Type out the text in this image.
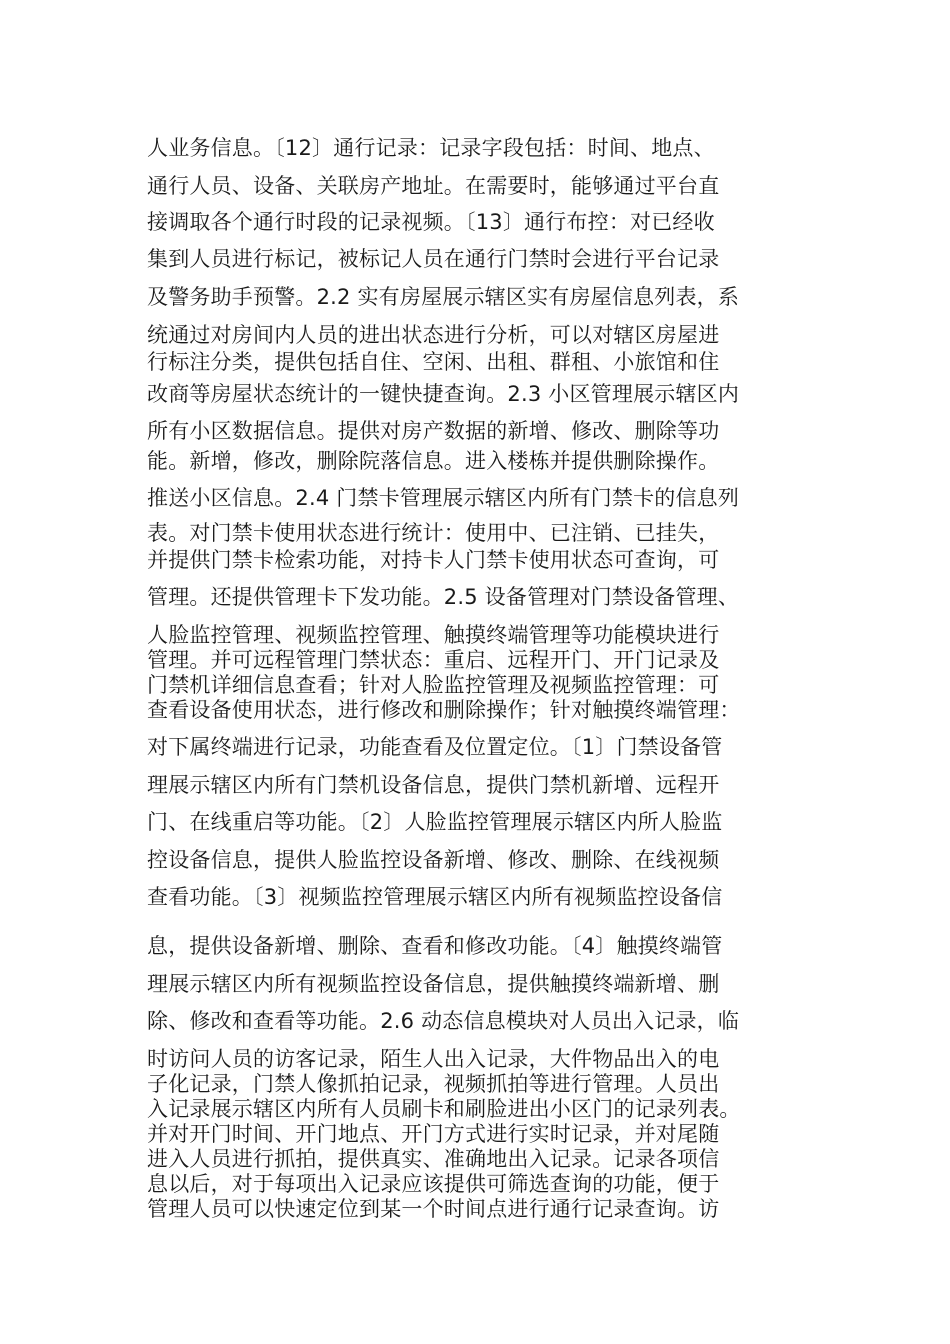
人业务信息。〔12〕通行记录：记录字段包括：时间、地点、
通行人员、设备、关联房产地址。在需要时，能够通过平台直
接调取各个通行时段的记录视频。〔13〕通行布控：对已经收
集到人员进行标记，被标记人员在通行门禁时会进行平台记录
及警务助手预警。2.2 实有房屋展示辖区实有房屋信息列表，系
统通过对房间内人员的进出状态进行分析，可以对辖区房屋进
行标注分类，提供包括自住、空闲、出租、群租、小旅馆和住
改商等房屋状态统计的一键快捷查询。2.3 小区管理展示辖区内
所有小区数据信息。提供对房产数据的新增、修改、删除等功
能。新增，修改，删除院落信息。进入楼栋并提供删除操作。
推送小区信息。2.4 门禁卡管理展示辖区内所有门禁卡的信息列
表。对门禁卡使用状态进行统计：使用中、已注销、已挂失，
并提供门禁卡检索功能，对持卡人门禁卡使用状态可查询，可
管理。还提供管理卡下发功能。2.5 设备管理对门禁设备管理、
人脸监控管理、视频监控管理、触摸终端管理等功能模块进行
管理。并可远程管理门禁状态：重启、远程开门、开门记录及
门禁机详细信息查看；针对人脸监控管理及视频监控管理：可
查看设备使用状态，进行修改和删除操作；针对触摸终端管理：
对下属终端进行记录，功能查看及位置定位。〔1〕门禁设备管
理展示辖区内所有门禁机设备信息，提供门禁机新增、远程开
门、在线重启等功能。〔2〕人脸监控管理展示辖区内所人脸监
控设备信息，提供人脸监控设备新增、修改、删除、在线视频
查看功能。〔3〕视频监控管理展示辖区内所有视频监控设备信
息，提供设备新增、删除、查看和修改功能。〔4〕触摸终端管
理展示辖区内所有视频监控设备信息，提供触摸终端新增、删
除、修改和查看等功能。2.6 动态信息模块对人员出入记录，临
时访问人员的访客记录，陌生人出入记录，大件物品出入的电
子化记录，门禁人像抓拍记录，视频抓拍等进行管理。人员出
入记录展示辖区内所有人员刷卡和刷脸进出小区门的记录列表。
并对开门时间、开门地点、开门方式进行实时记录，并对尾随
进入人员进行抓拍，提供真实、准确地出入记录。记录各项信
息以后，对于每项出入记录应该提供可筛选查询的功能，便于
管理人员可以快速定位到某一个时间点进行通行记录查询。访
